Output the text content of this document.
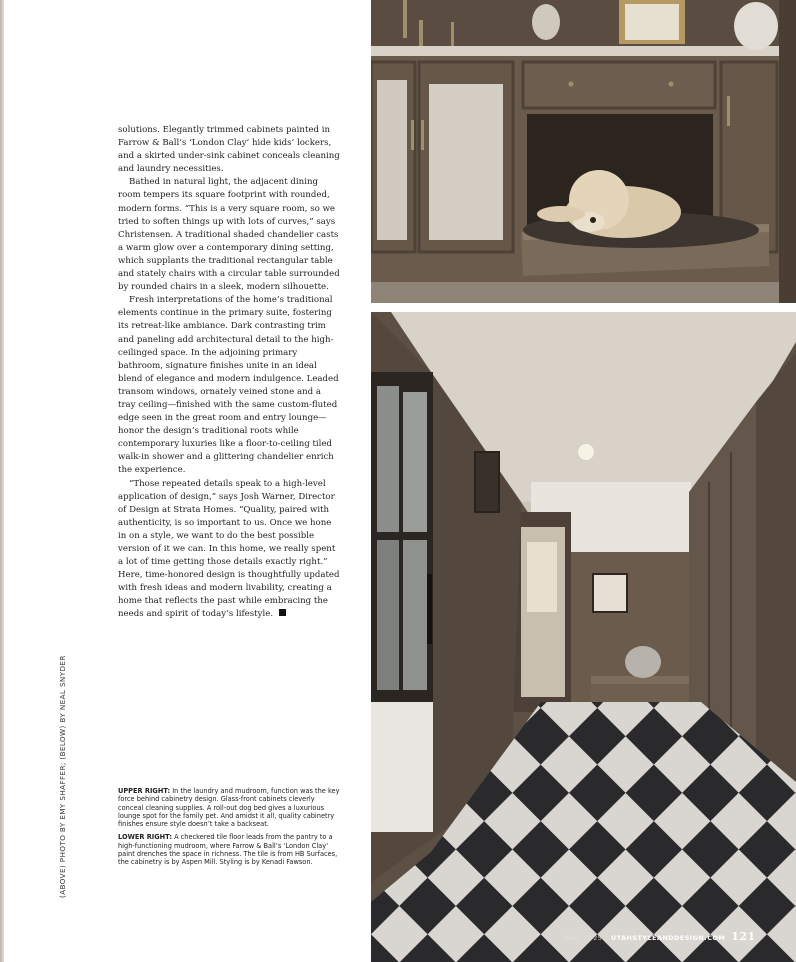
solutions. Elegantly trimmed cabinets painted in Farrow & Ball’s ‘London Clay’ hide kids’ lockers, and a skirted under-sink cabinet conceals cleaning and laundry necessities.

Bathed in natural light, the adjacent dining room tempers its square footprint with rounded, modern forms. “This is a very square room, so we tried to soften things up with lots of curves,” says Christensen. A traditional shaded chandelier casts a warm glow over a contemporary dining setting, which supplants the traditional rectangular table and stately chairs with a circular table surrounded by rounded chairs in a sleek, modern silhouette.

Fresh interpretations of the home’s traditional elements continue in the primary suite, fostering its retreat-like ambiance. Dark contrasting trim and paneling add architectural detail to the high-ceilinged space. In the adjoining primary bathroom, signature finishes unite in an ideal blend of elegance and modern indulgence. Leaded transom windows, ornately veined stone and a tray ceiling—finished with the same custom-fluted edge seen in the great room and entry lounge—honor the design’s traditional roots while contemporary luxuries like a floor-to-ceiling tiled walk-in shower and a glittering chandelier enrich the experience.

“Those repeated details speak to a high-level application of design,” says Josh Warner, Director of Design at Strata Homes. “Quality, paired with authenticity, is so important to us. Once we hone in on a style, we want to do the best possible version of it we can. In this home, we really spent a lot of time getting those details exactly right.” Here, time-honored design is thoughtfully updated with fresh ideas and modern livability, creating a home that reflects the past while embracing the needs and spirit of today’s lifestyle.

(ABOVE) PHOTO BY EMY SHAFFER; (BELOW) BY NEAL SNYDER	UPPER RIGHT: In the laundry and mudroom, function was the key force behind cabinetry design. Glass-front cabinets cleverly conceal cleaning supplies. A roll-out dog bed gives a luxurious lounge spot for the family pet. And amidst it all, quality cabinetry finishes ensure style doesn’t take a backseat.

LOWER RIGHT: A checkered tile floor leads from the pantry to a high-functioning mudroom, where Farrow & Ball’s ‘London Clay’ paint drenches the space in richness. The tile is from HB Surfaces, the cabinetry is by Aspen Mill. Styling is by Kenadi Fawson.

FALL 2025 | UTAHSTYLEANDDESIGN.COM 121
